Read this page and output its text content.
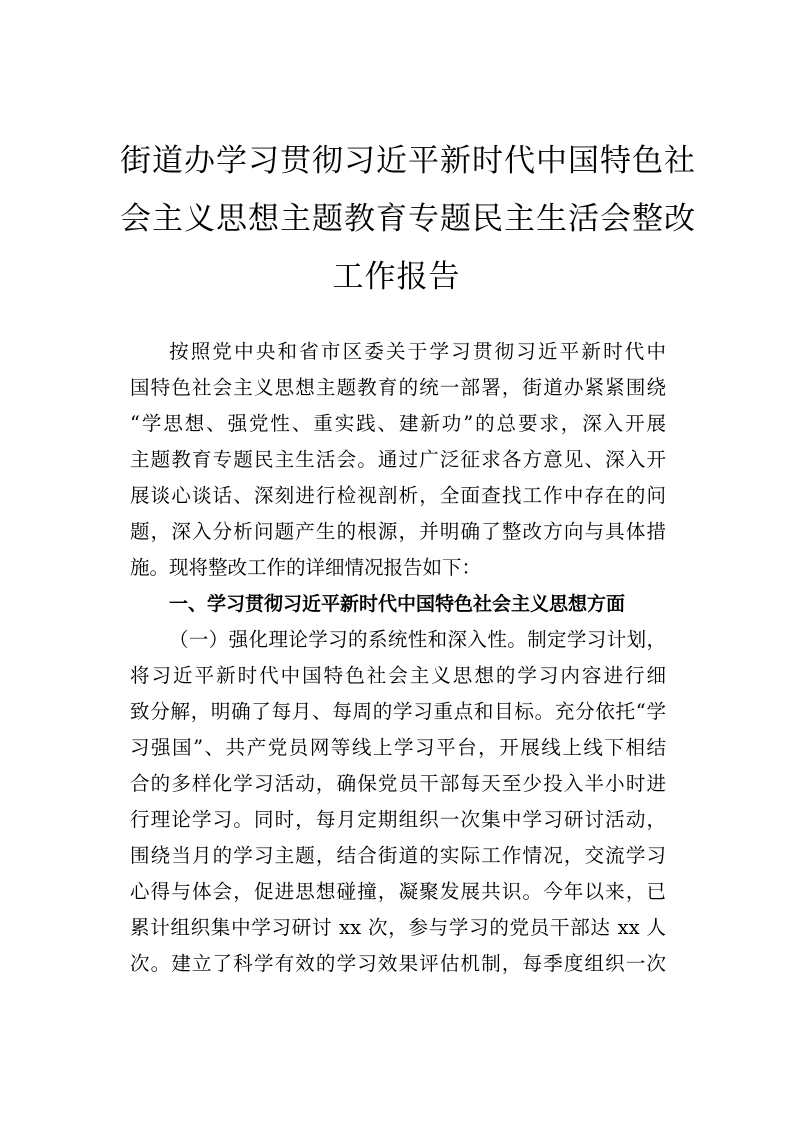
街道办学习贯彻习近平新时代中国特色社
会主义思想主题教育专题民主生活会整改
工作报告
按照党中央和省市区委关于学习贯彻习近平新时代中
国特色社会主义思想主题教育的统一部署，街道办紧紧围绕
“学思想、强党性、重实践、建新功”的总要求，深入开展
主题教育专题民主生活会。通过广泛征求各方意见、深入开
展谈心谈话、深刻进行检视剖析，全面查找工作中存在的问
题，深入分析问题产生的根源，并明确了整改方向与具体措
施。现将整改工作的详细情况报告如下：
一、学习贯彻习近平新时代中国特色社会主义思想方面
（一）强化理论学习的系统性和深入性。制定学习计划，
将习近平新时代中国特色社会主义思想的学习内容进行细
致分解，明确了每月、每周的学习重点和目标。充分依托“学
习强国”、共产党员网等线上学习平台，开展线上线下相结
合的多样化学习活动，确保党员干部每天至少投入半小时进
行理论学习。同时，每月定期组织一次集中学习研讨活动，
围绕当月的学习主题，结合街道的实际工作情况，交流学习
心得与体会，促进思想碰撞，凝聚发展共识。今年以来，已
累计组织集中学习研讨 xx 次，参与学习的党员干部达 xx 人
次。建立了科学有效的学习效果评估机制，每季度组织一次
